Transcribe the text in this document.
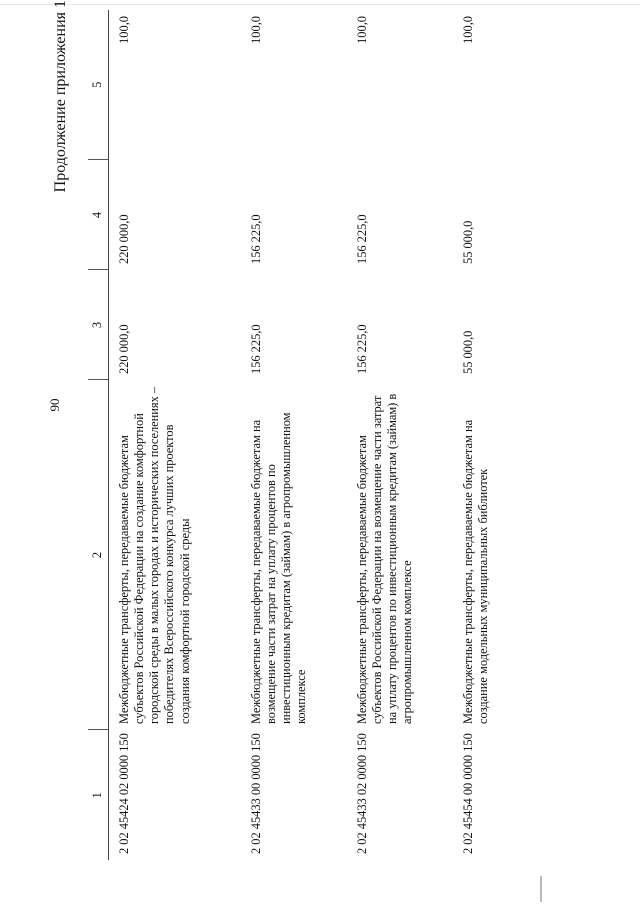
90
Продолжение приложения 1
1	2	3	4	5
2 02 45424 02 0000 150	Межбюджетные трансферты, передаваемые бюджетам субъектов Российской Федерации на создание комфортной городской среды в малых городах и исторических поселениях – победителях Всероссийского конкурса лучших проектов создания комфортной городской среды	220 000,0	220 000,0	100,0
2 02 45433 00 0000 150	Межбюджетные трансферты, передаваемые бюджетам на возмещение части затрат на уплату процентов по инвестиционным кредитам (займам) в агропромышленном комплексе	156 225,0	156 225,0	100,0
2 02 45433 02 0000 150	Межбюджетные трансферты, передаваемые бюджетам субъектов Российской Федерации на возмещение части затрат на уплату процентов по инвестиционным кредитам (займам) в агропромышленном комплексе	156 225,0	156 225,0	100,0
2 02 45454 00 0000 150	Межбюджетные трансферты, передаваемые бюджетам на создание модельных муниципальных библиотек	55 000,0	55 000,0	100,0
